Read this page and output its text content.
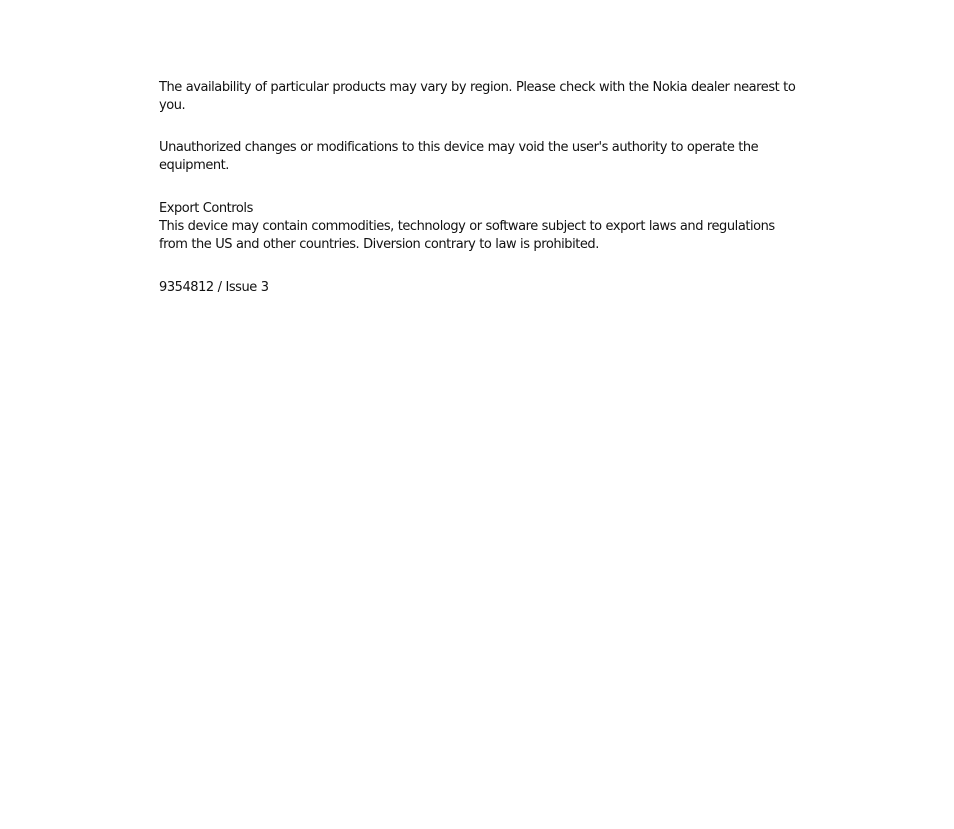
The availability of particular products may vary by region. Please check with the Nokia dealer nearest to you.

Unauthorized changes or modifications to this device may void the user's authority to operate the equipment.

Export Controls
This device may contain commodities, technology or software subject to export laws and regulations from the US and other countries. Diversion contrary to law is prohibited.

9354812 / Issue 3
